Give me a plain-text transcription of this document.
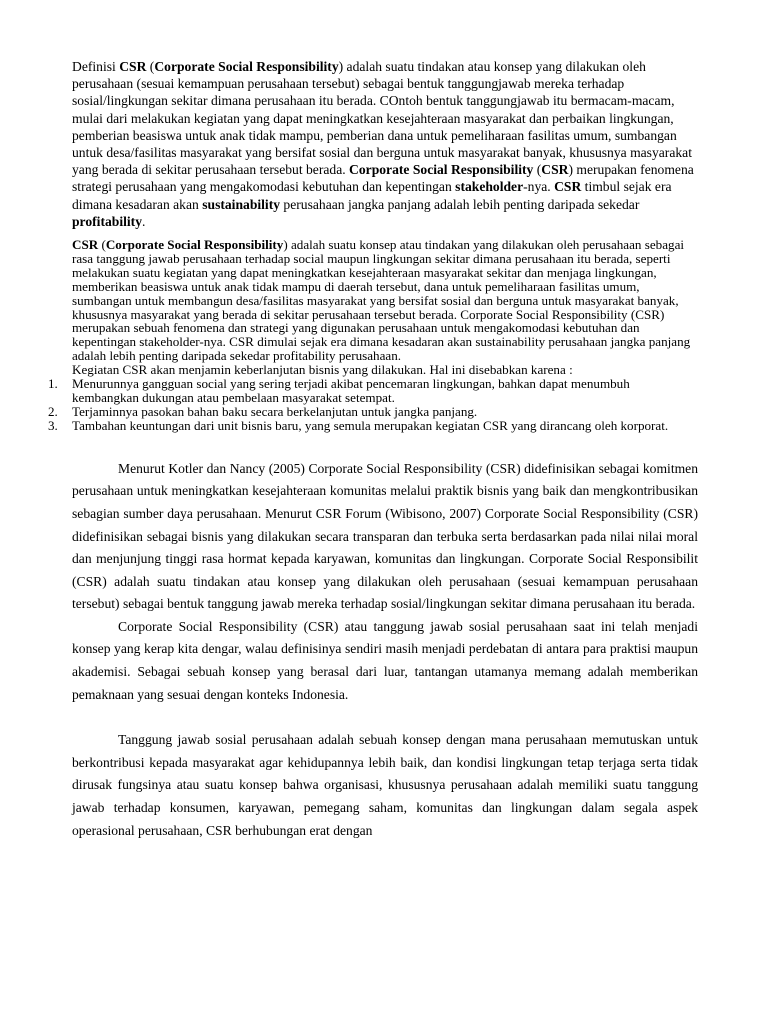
Definisi CSR (Corporate Social Responsibility) adalah suatu tindakan atau konsep yang dilakukan oleh perusahaan (sesuai kemampuan perusahaan tersebut) sebagai bentuk tanggungjawab mereka terhadap sosial/lingkungan sekitar dimana perusahaan itu berada. COntoh bentuk tanggungjawab itu bermacam-macam, mulai dari melakukan kegiatan yang dapat meningkatkan kesejahteraan masyarakat dan perbaikan lingkungan, pemberian beasiswa untuk anak tidak mampu, pemberian dana untuk pemeliharaan fasilitas umum, sumbangan untuk desa/fasilitas masyarakat yang bersifat sosial dan berguna untuk masyarakat banyak, khususnya masyarakat yang berada di sekitar perusahaan tersebut berada. Corporate Social Responsibility (CSR) merupakan fenomena strategi perusahaan yang mengakomodasi kebutuhan dan kepentingan stakeholder-nya. CSR timbul sejak era dimana kesadaran akan sustainability perusahaan jangka panjang adalah lebih penting daripada sekedar profitability.

CSR (Corporate Social Responsibility) adalah suatu konsep atau tindakan yang dilakukan oleh perusahaan sebagai rasa tanggung jawab perusahaan terhadap social maupun lingkungan sekitar dimana perusahaan itu berada, seperti melakukan suatu kegiatan yang dapat meningkatkan kesejahteraan masyarakat sekitar dan menjaga lingkungan, memberikan beasiswa untuk anak tidak mampu di daerah tersebut, dana untuk pemeliharaan fasilitas umum, sumbangan untuk membangun desa/fasilitas masyarakat yang bersifat sosial dan berguna untuk masyarakat banyak, khususnya masyarakat yang berada di sekitar perusahaan tersebut berada. Corporate Social Responsibility (CSR) merupakan sebuah fenomena dan strategi yang digunakan perusahaan untuk mengakomodasi kebutuhan dan kepentingan stakeholder-nya. CSR dimulai sejak era dimana kesadaran akan sustainability perusahaan jangka panjang adalah lebih penting daripada sekedar profitability perusahaan.

Kegiatan CSR akan menjamin keberlanjutan bisnis yang dilakukan. Hal ini disebabkan karena :

1. Menurunnya gangguan social yang sering terjadi akibat pencemaran lingkungan, bahkan dapat menumbuh kembangkan dukungan atau pembelaan masyarakat setempat.
2. Terjaminnya pasokan bahan baku secara berkelanjutan untuk jangka panjang.
3. Tambahan keuntungan dari unit bisnis baru, yang semula merupakan kegiatan CSR yang dirancang oleh korporat.

Menurut Kotler dan Nancy (2005) Corporate Social Responsibility (CSR) didefinisikan sebagai komitmen perusahaan untuk meningkatkan kesejahteraan komunitas melalui praktik bisnis yang baik dan mengkontribusikan sebagian sumber daya perusahaan. Menurut CSR Forum (Wibisono, 2007) Corporate Social Responsibility (CSR) didefinisikan sebagai bisnis yang dilakukan secara transparan dan terbuka serta berdasarkan pada nilai nilai moral dan menjunjung tinggi rasa hormat kepada karyawan, komunitas dan lingkungan. Corporate Social Responsibilit (CSR) adalah suatu tindakan atau konsep yang dilakukan oleh perusahaan (sesuai kemampuan perusahaan tersebut) sebagai bentuk tanggung jawab mereka terhadap sosial/lingkungan sekitar dimana perusahaan itu berada.

Corporate Social Responsibility (CSR) atau tanggung jawab sosial perusahaan saat ini telah menjadi konsep yang kerap kita dengar, walau definisinya sendiri masih menjadi perdebatan di antara para praktisi maupun akademisi. Sebagai sebuah konsep yang berasal dari luar, tantangan utamanya memang adalah memberikan pemaknaan yang sesuai dengan konteks Indonesia.

Tanggung jawab sosial perusahaan adalah sebuah konsep dengan mana perusahaan memutuskan untuk berkontribusi kepada masyarakat agar kehidupannya lebih baik, dan kondisi lingkungan tetap terjaga serta tidak dirusak fungsinya atau suatu konsep bahwa organisasi, khususnya perusahaan adalah memiliki suatu tanggung jawab terhadap konsumen, karyawan, pemegang saham, komunitas dan lingkungan dalam segala aspek operasional perusahaan, CSR berhubungan erat dengan
